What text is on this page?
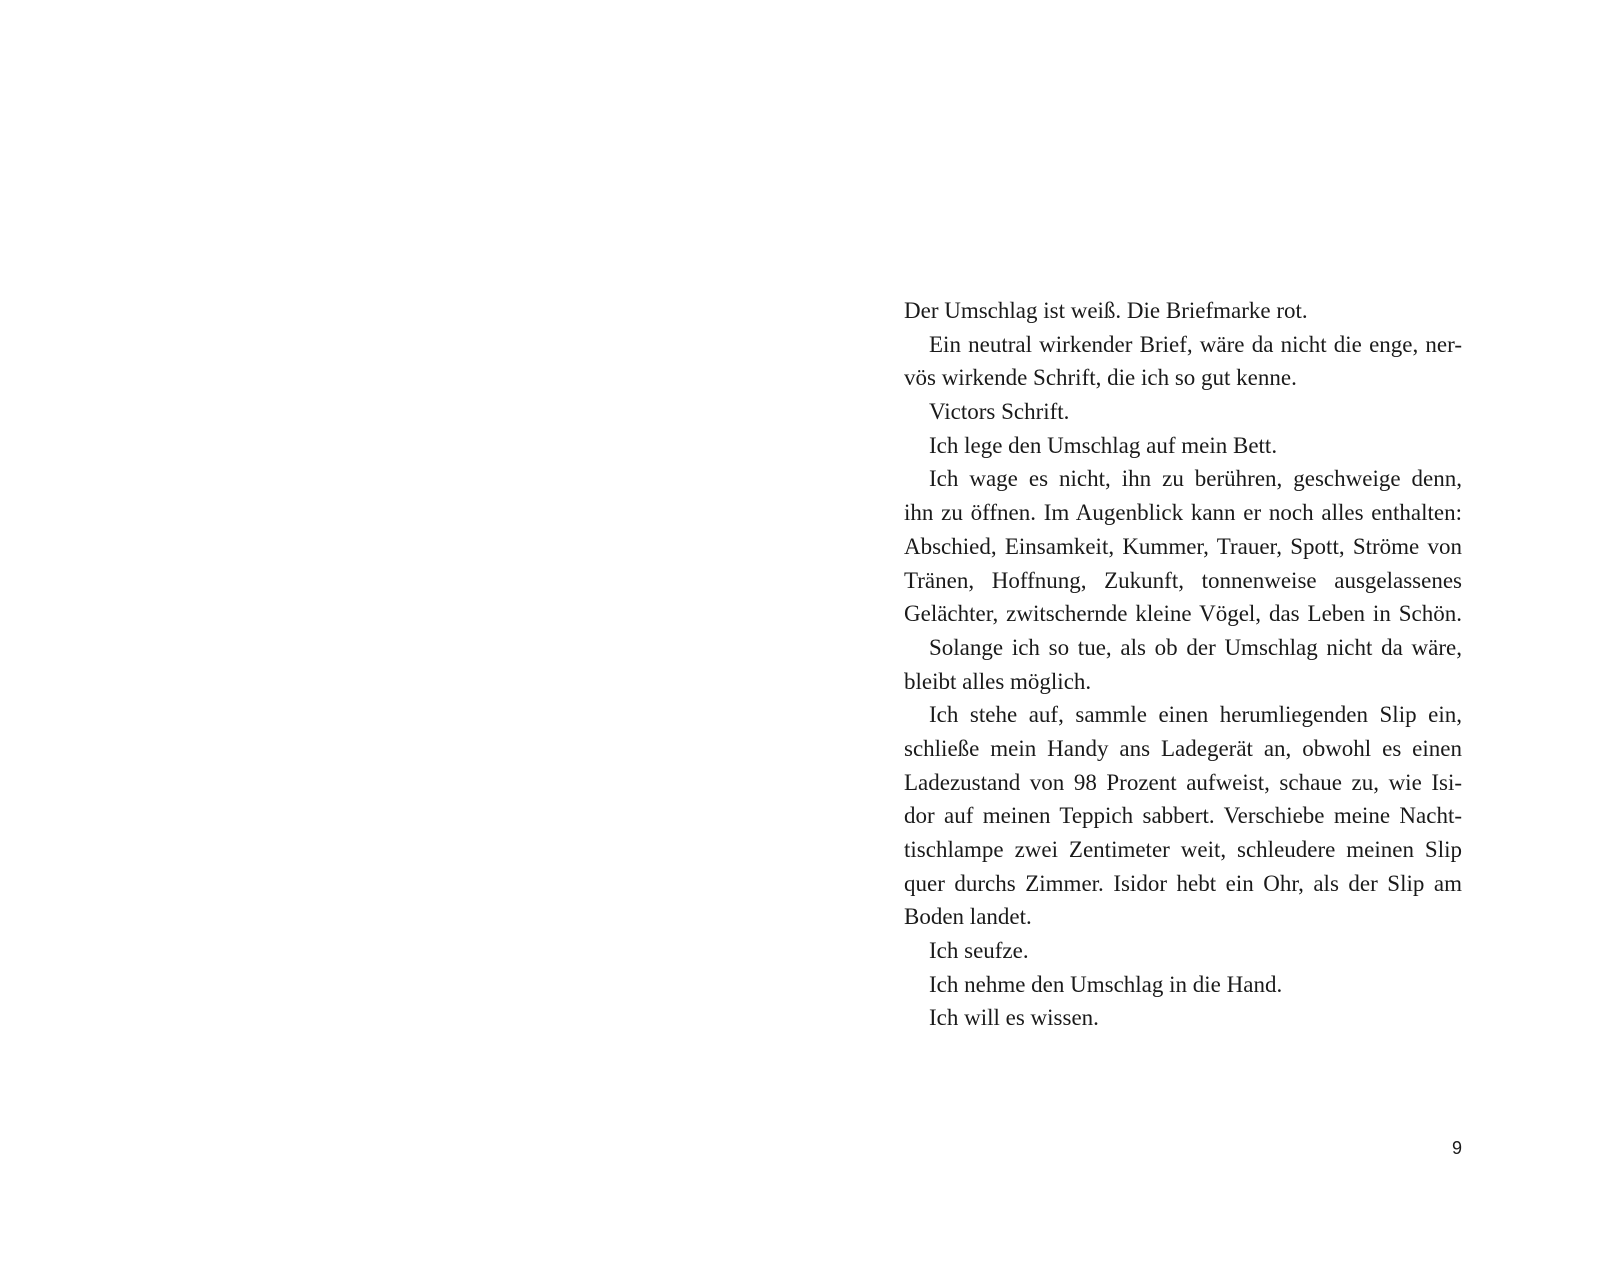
Der Umschlag ist weiß. Die Briefmarke rot.
Ein neutral wirkender Brief, wäre da nicht die enge, ner-
vös wirkende Schrift, die ich so gut kenne.
Victors Schrift.
Ich lege den Umschlag auf mein Bett.
Ich wage es nicht, ihn zu berühren, geschweige denn,
ihn zu öffnen. Im Augenblick kann er noch alles enthalten:
Abschied, Einsamkeit, Kummer, Trauer, Spott, Ströme von
Tränen, Hoffnung, Zukunft, tonnenweise ausgelassenes
Gelächter, zwitschernde kleine Vögel, das Leben in Schön.
Solange ich so tue, als ob der Umschlag nicht da wäre,
bleibt alles möglich.
Ich stehe auf, sammle einen herumliegenden Slip ein,
schließe mein Handy ans Ladegerät an, obwohl es einen
Ladezustand von 98 Prozent aufweist, schaue zu, wie Isi-
dor auf meinen Teppich sabbert. Verschiebe meine Nacht-
tischlampe zwei Zentimeter weit, schleudere meinen Slip
quer durchs Zimmer. Isidor hebt ein Ohr, als der Slip am
Boden landet.
Ich seufze.
Ich nehme den Umschlag in die Hand.
Ich will es wissen.
9
